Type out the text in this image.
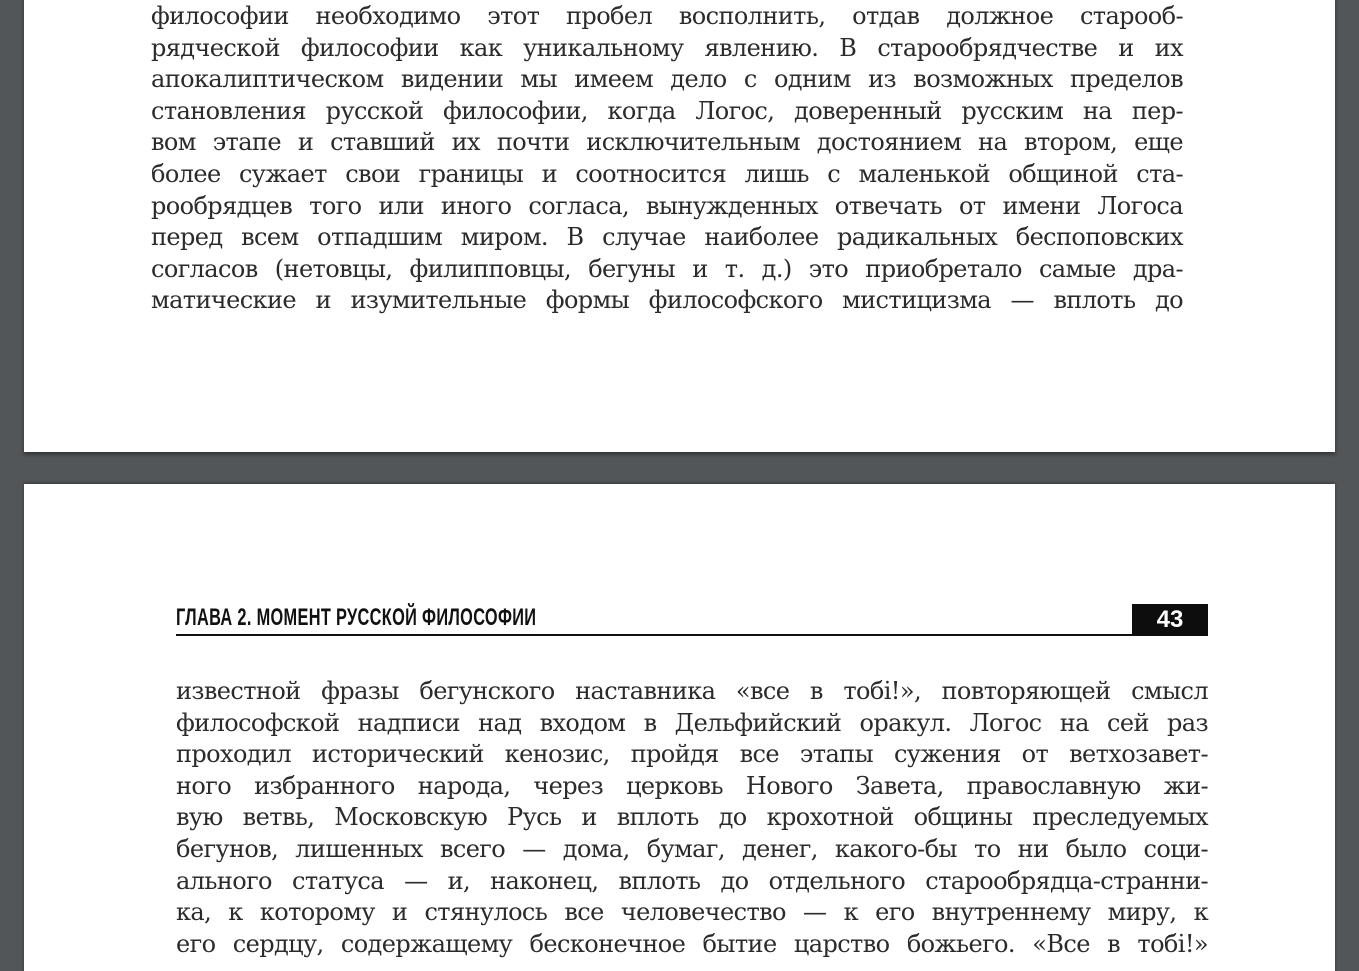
философии необходимо этот пробел восполнить, отдав должное старооб-
рядческой философии как уникальному явлению. В старообрядчестве и их
апокалиптическом видении мы имеем дело с одним из возможных пределов
становления русской философии, когда Логос, доверенный русским на пер-
вом этапе и ставший их почти исключительным достоянием на втором, еще
более сужает свои границы и соотносится лишь с маленькой общиной ста-
рообрядцев того или иного согласа, вынужденных отвечать от имени Логоса
перед всем отпадшим миром. В случае наиболее радикальных беспоповских
согласов (нетовцы, филипповцы, бегуны и т. д.) это приобретало самые дра-
матические и изумительные формы философского мистицизма — вплоть до
ГЛАВА 2. МОМЕНТ РУССКОЙ ФИЛОСОФИИ	43
известной фразы бегунского наставника «все в тобі!», повторяющей смысл
философской надписи над входом в Дельфийский оракул. Логос на сей раз
проходил исторический кенозис, пройдя все этапы сужения от ветхозавет-
ного избранного народа, через церковь Нового Завета, православную жи-
вую ветвь, Московскую Русь и вплоть до крохотной общины преследуемых
бегунов, лишенных всего — дома, бумаг, денег, какого-бы то ни было соци-
ального статуса — и, наконец, вплоть до отдельного старообрядца-странни-
ка, к которому и стянулось все человечество — к его внутреннему миру, к
его сердцу, содержащему бесконечное бытие царство божьего. «Все в тобі!»
